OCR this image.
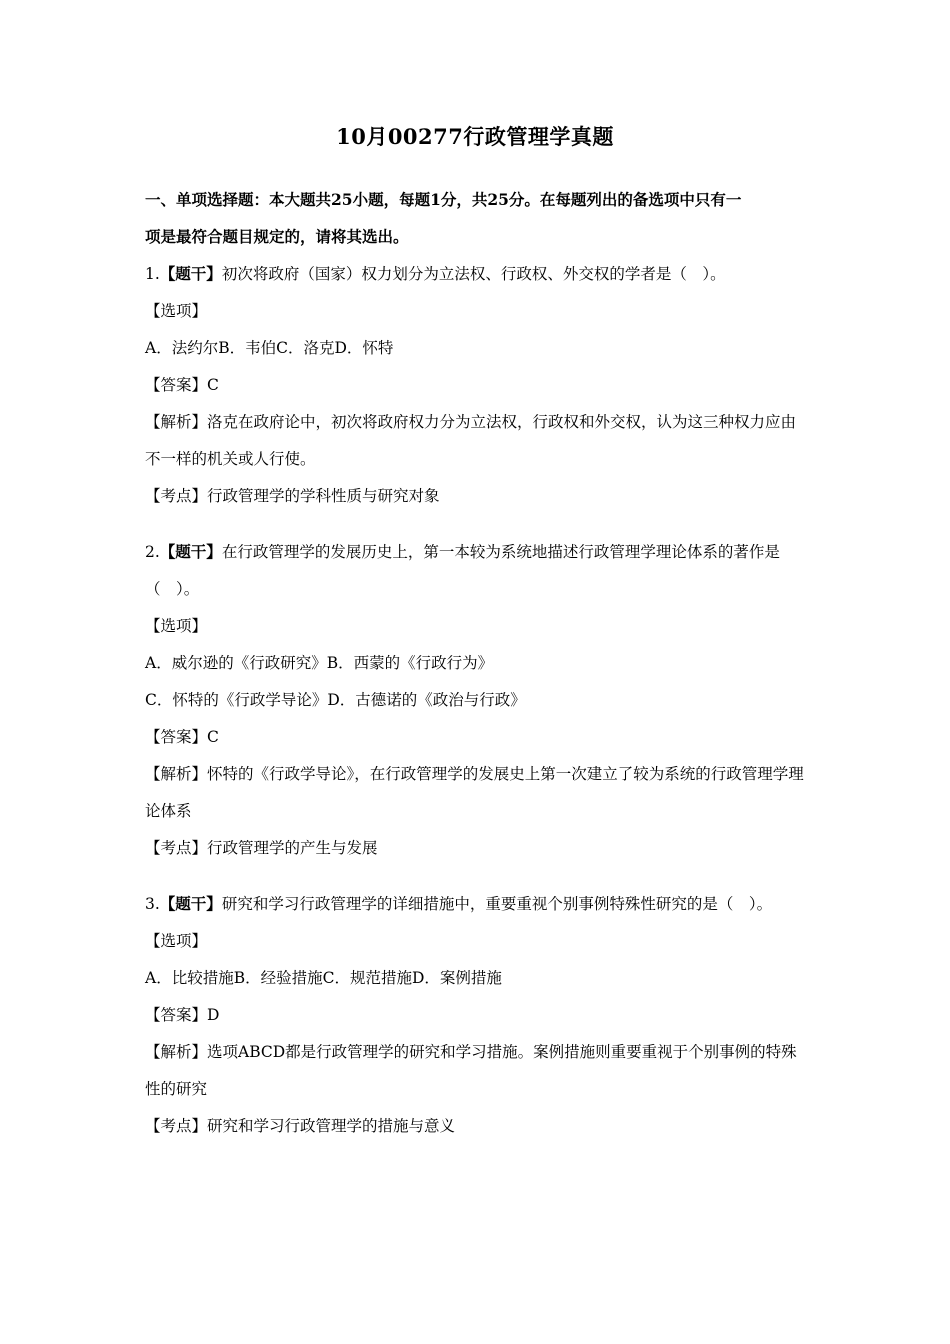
10月00277行政管理学真题

一、单项选择题：本大题共25小题，每题1分，共25分。在每题列出的备选项中只有一

项是最符合题目规定的，请将其选出。

1.【题干】初次将政府（国家）权力划分为立法权、行政权、外交权的学者是（　）。

【选项】

A．法约尔B．韦伯C．洛克D．怀特

【答案】C

【解析】洛克在政府论中，初次将政府权力分为立法权，行政权和外交权，认为这三种权力应由不一样的机关或人行使。

【考点】行政管理学的学科性质与研究对象

2.【题干】在行政管理学的发展历史上，第一本较为系统地描述行政管理学理论体系的著作是（　）。

【选项】

A．威尔逊的《行政研究》B．西蒙的《行政行为》

C．怀特的《行政学导论》D．古德诺的《政治与行政》

【答案】C

【解析】怀特的《行政学导论》，在行政管理学的发展史上第一次建立了较为系统的行政管理学理论体系

【考点】行政管理学的产生与发展

3.【题干】研究和学习行政管理学的详细措施中，重要重视个别事例特殊性研究的是（　）。

【选项】

A．比较措施B．经验措施C．规范措施D．案例措施

【答案】D

【解析】选项ABCD都是行政管理学的研究和学习措施。案例措施则重要重视于个别事例的特殊性的研究

【考点】研究和学习行政管理学的措施与意义
